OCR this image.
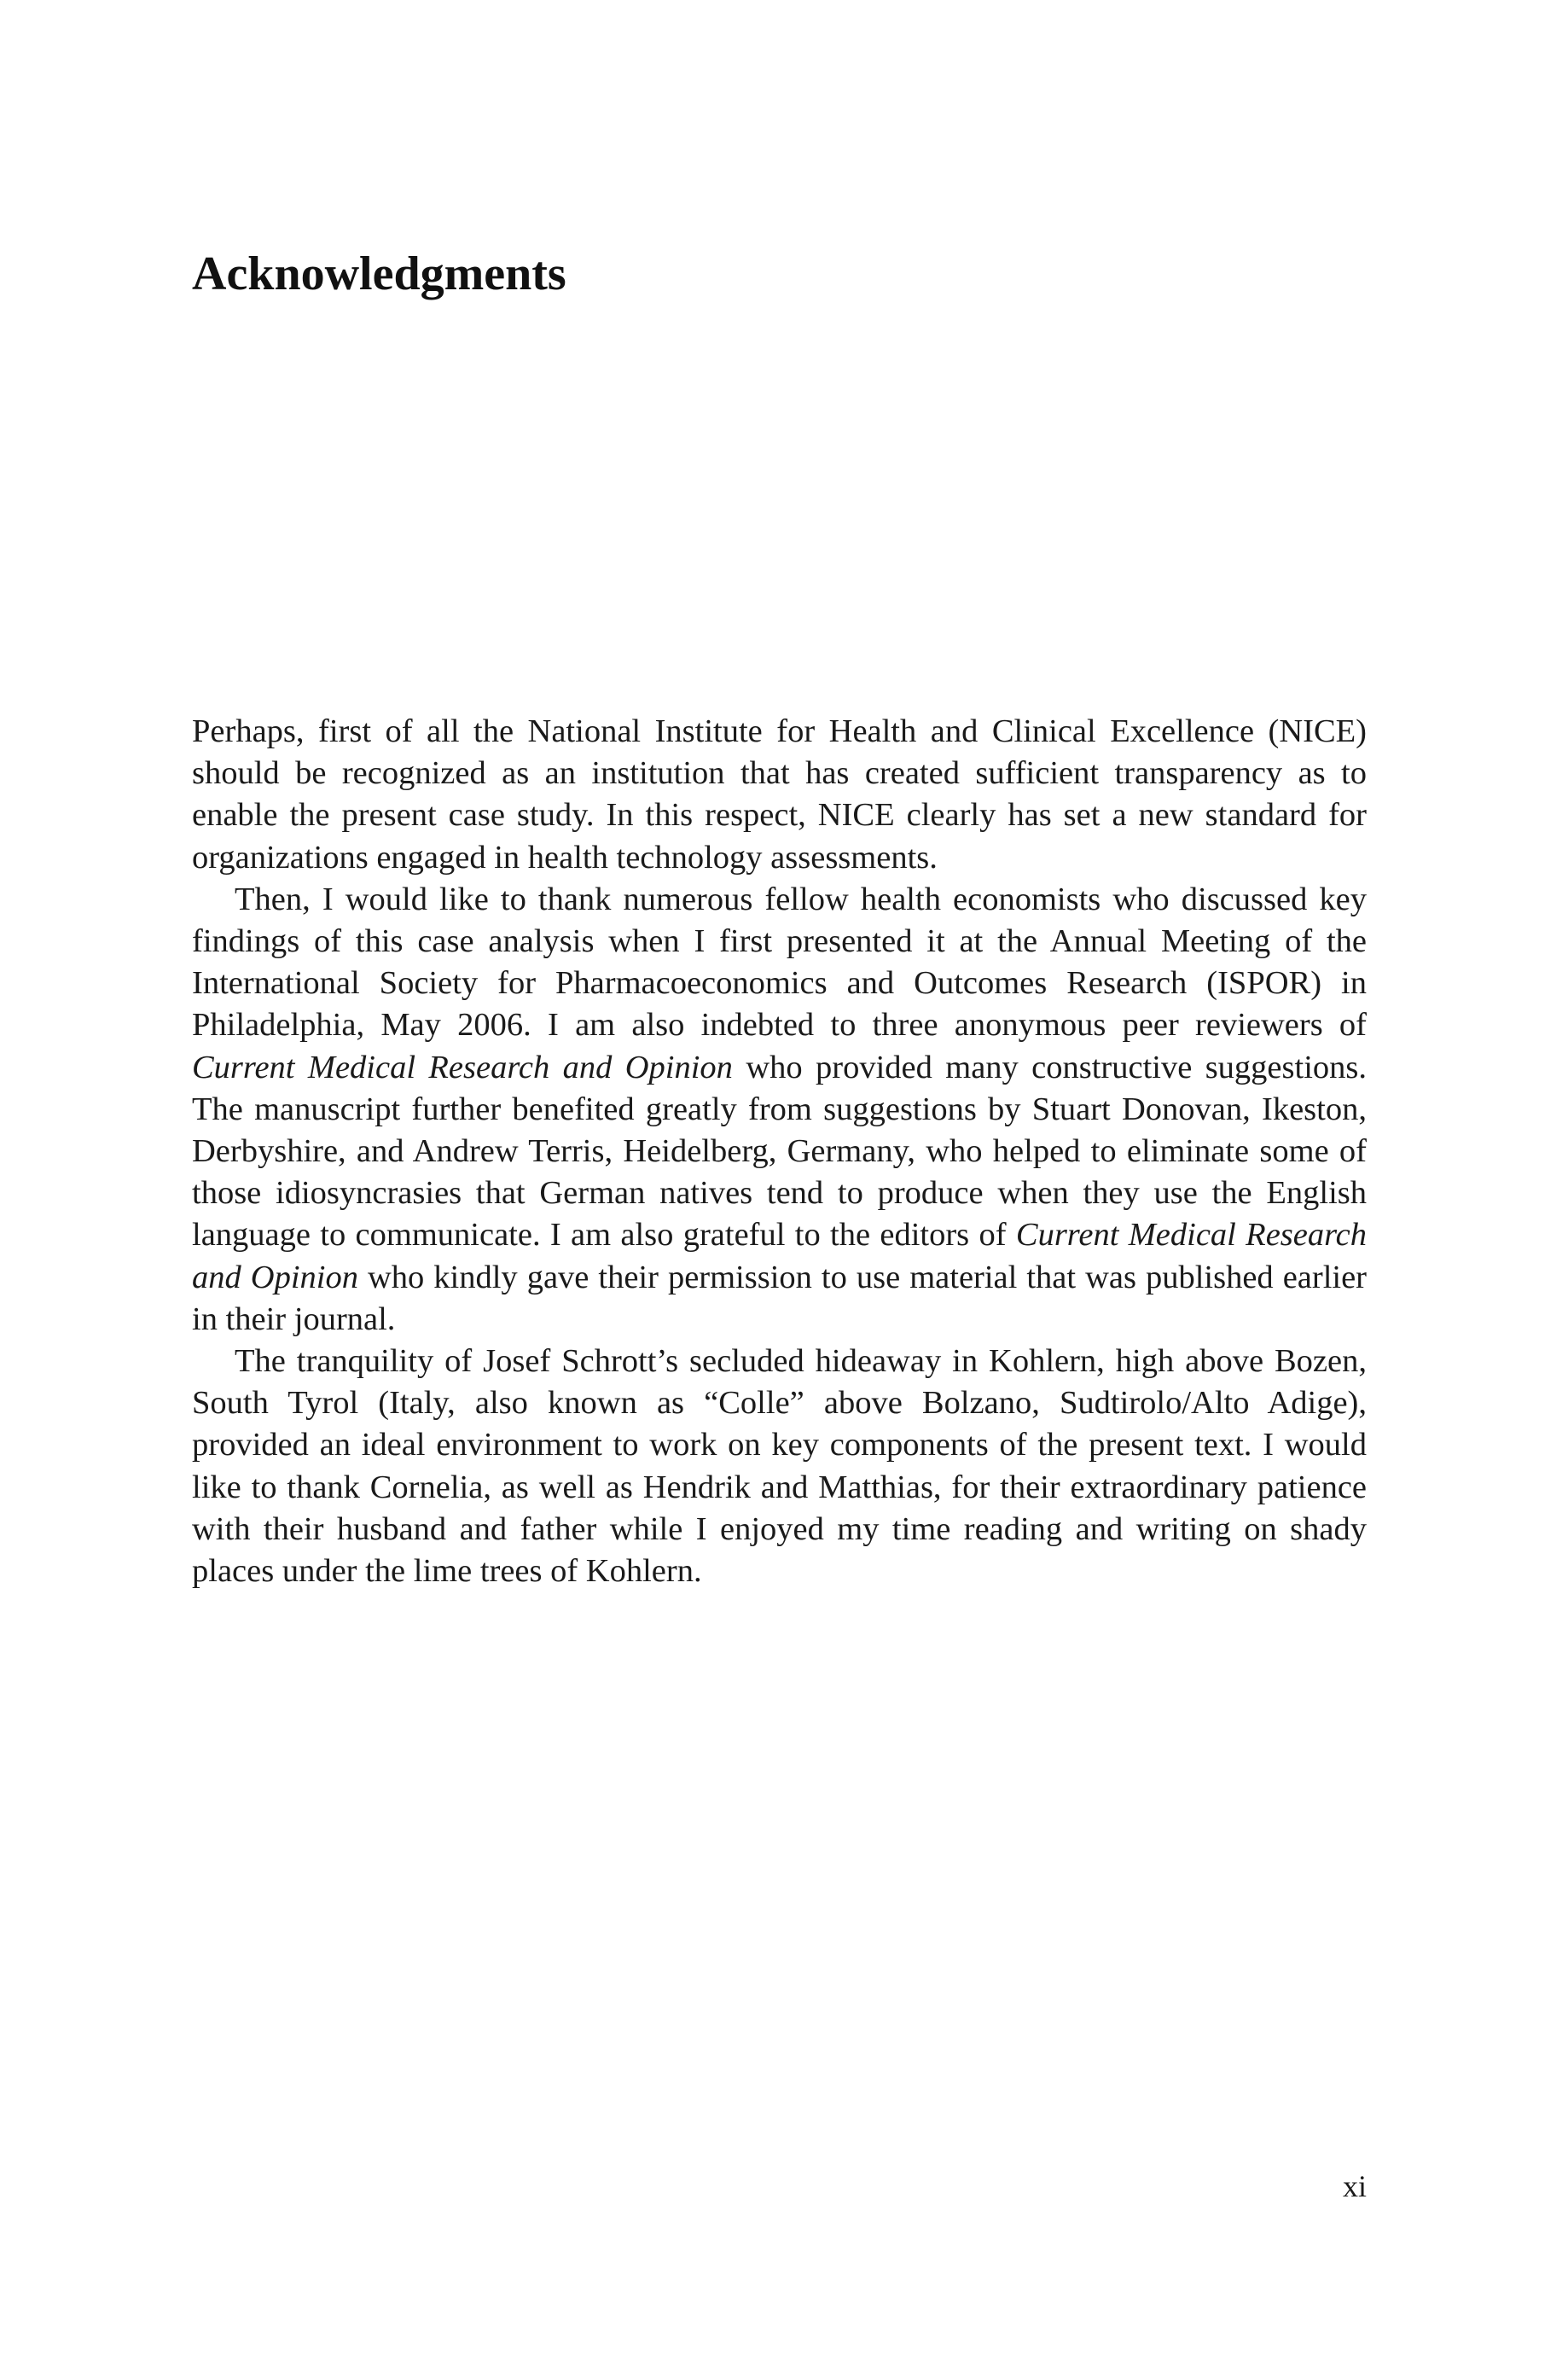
Acknowledgments

Perhaps, first of all the National Institute for Health and Clinical Excellence (NICE) should be recognized as an institution that has created sufficient transparency as to enable the present case study. In this respect, NICE clearly has set a new standard for organizations engaged in health technology assessments.

Then, I would like to thank numerous fellow health economists who discussed key findings of this case analysis when I first presented it at the Annual Meeting of the International Society for Pharmacoeconomics and Outcomes Research (ISPOR) in Philadelphia, May 2006. I am also indebted to three anonymous peer reviewers of Current Medical Research and Opinion who provided many constructive suggestions. The manuscript further benefited greatly from suggestions by Stuart Donovan, Ikeston, Derbyshire, and Andrew Terris, Heidelberg, Germany, who helped to eliminate some of those idiosyncrasies that German natives tend to produce when they use the English language to communicate. I am also grateful to the editors of Current Medical Research and Opinion who kindly gave their permission to use material that was published earlier in their journal.

The tranquility of Josef Schrott’s secluded hideaway in Kohlern, high above Bozen, South Tyrol (Italy, also known as “Colle” above Bolzano, Sudtirolo/Alto Adige), provided an ideal environment to work on key components of the present text. I would like to thank Cornelia, as well as Hendrik and Matthias, for their extraordinary patience with their husband and father while I enjoyed my time reading and writing on shady places under the lime trees of Kohlern.

xi
